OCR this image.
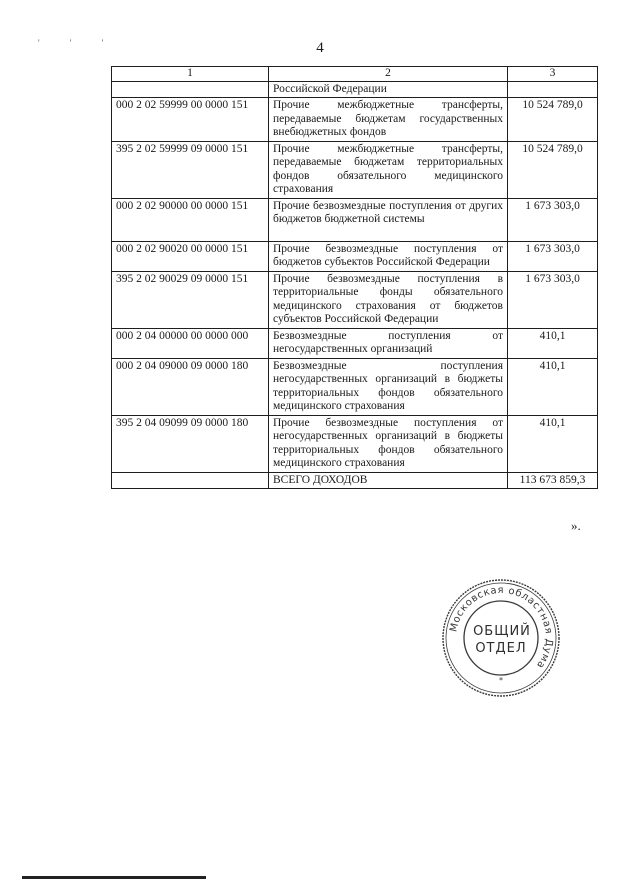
' ' '	4
1	2	3
	Российской Федерации	
000 2 02 59999 00 0000 151	Прочие межбюджетные трансферты, передаваемые бюджетам государственных внебюджетных фондов	10 524 789,0
395 2 02 59999 09 0000 151	Прочие межбюджетные трансферты, передаваемые бюджетам территориальных фондов обязательного медицинского страхования	10 524 789,0
000 2 02 90000 00 0000 151	Прочие безвозмездные поступления от других бюджетов бюджетной системы	1 673 303,0
000 2 02 90020 00 0000 151	Прочие безвозмездные поступления от бюджетов субъектов Российской Федерации	1 673 303,0
395 2 02 90029 09 0000 151	Прочие безвозмездные поступления в территориальные фонды обязательного медицинского страхования от бюджетов субъектов Российской Федерации	1 673 303,0
000 2 04 00000 00 0000 000	Безвозмездные поступления от негосударственных организаций	410,1
000 2 04 09000 09 0000 180	Безвозмездные поступления негосударственных организаций в бюджеты территориальных фондов обязательного медицинского страхования	410,1
395 2 04 09099 09 0000 180	Прочие безвозмездные поступления от негосударственных организаций в бюджеты территориальных фондов обязательного медицинского страхования	410,1
	ВСЕГО ДОХОДОВ	113 673 859,3
».
Московская областная Дума
*
ОБЩИЙ
ОТДЕЛ
